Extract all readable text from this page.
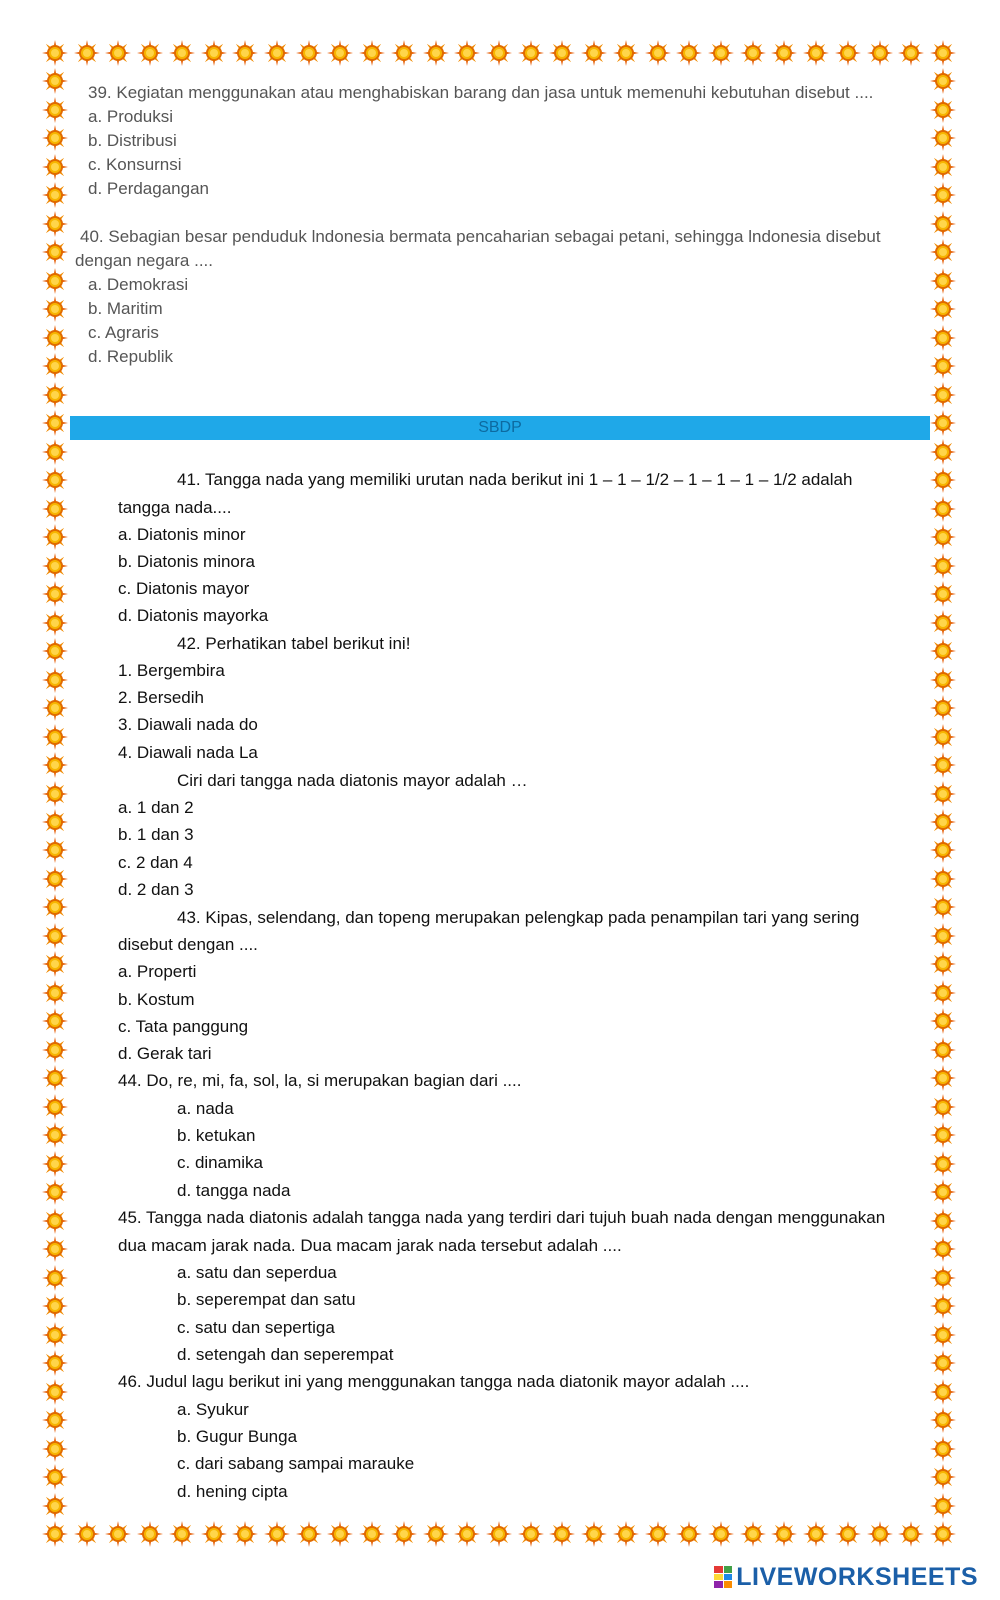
39. Kegiatan menggunakan atau menghabiskan barang dan jasa untuk memenuhi kebutuhan disebut ....
a. Produksi
b. Distribusi
c. Konsurnsi
d. Perdagangan
40. Sebagian besar penduduk lndonesia bermata pencaharian sebagai petani, sehingga lndonesia disebut
dengan negara ....
a. Demokrasi
b. Maritim
c. Agraris
d. Republik
SBDP
41. Tangga nada yang memiliki urutan nada berikut ini 1 – 1 – 1/2 – 1 – 1 – 1 – 1/2 adalah
tangga nada....
a. Diatonis minor
b. Diatonis minora
c. Diatonis mayor
d. Diatonis mayorka
42. Perhatikan tabel berikut ini!
1. Bergembira
2. Bersedih
3. Diawali nada do
4. Diawali nada La
Ciri dari tangga nada diatonis mayor adalah …
a. 1 dan 2
b. 1 dan 3
c. 2 dan 4
d. 2 dan 3
43. Kipas, selendang, dan topeng merupakan pelengkap pada penampilan tari yang sering
disebut dengan ....
a. Properti
b. Kostum
c. Tata panggung
d. Gerak tari
44. Do, re, mi, fa, sol, la, si merupakan bagian dari ....
a. nada
b. ketukan
c. dinamika
d. tangga nada
45. Tangga nada diatonis adalah tangga nada yang terdiri dari tujuh buah nada dengan menggunakan
dua macam jarak nada. Dua macam jarak nada tersebut adalah ....
a. satu dan seperdua
b. seperempat dan satu
c. satu dan sepertiga
d. setengah dan seperempat
46. Judul lagu berikut ini yang menggunakan tangga nada diatonik mayor adalah ....
a. Syukur
b. Gugur Bunga
c. dari sabang sampai marauke
d. hening cipta
LIVEWORKSHEETS
